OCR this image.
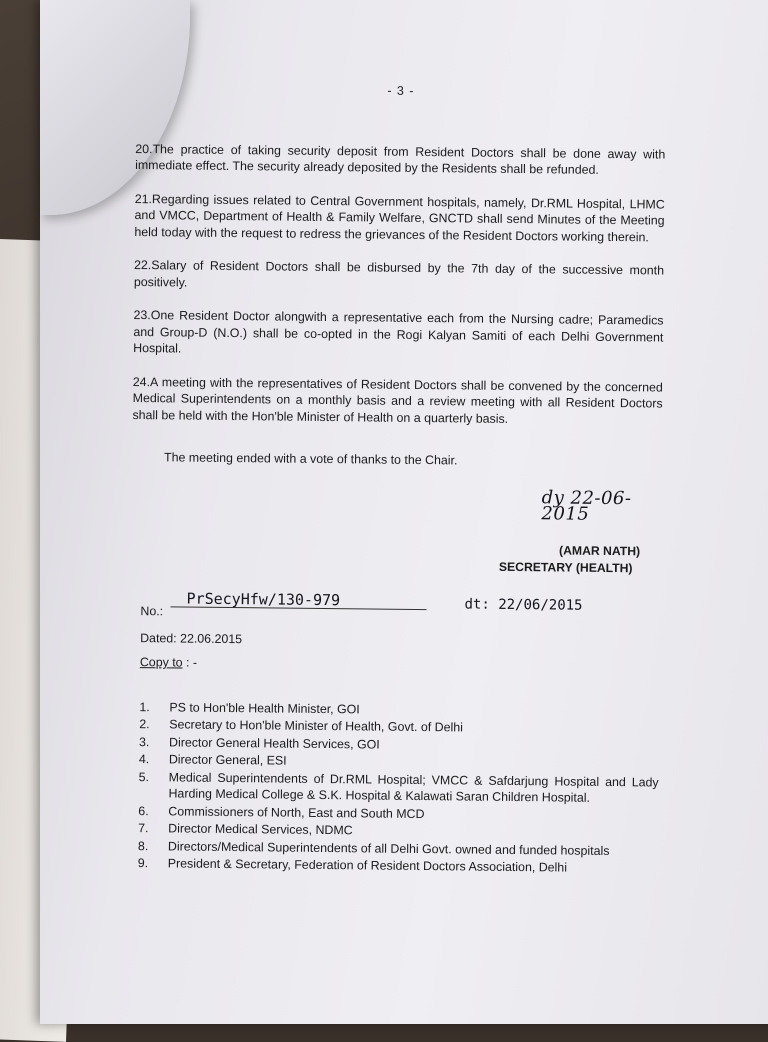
- 3 -

20.The practice of taking security deposit from Resident Doctors shall be done away with immediate effect. The security already deposited by the Residents shall be refunded.

21.Regarding issues related to Central Government hospitals, namely, Dr.RML Hospital, LHMC and VMCC, Department of Health & Family Welfare, GNCTD shall send Minutes of the Meeting held today with the request to redress the grievances of the Resident Doctors working therein.

22.Salary of Resident Doctors shall be disbursed by the 7th day of the successive month positively.

23.One Resident Doctor alongwith a representative each from the Nursing cadre; Paramedics and Group-D (N.O.) shall be co-opted in the Rogi Kalyan Samiti of each Delhi Government Hospital.

24.A meeting with the representatives of Resident Doctors shall be convened by the concerned Medical Superintendents on a monthly basis and a review meeting with all Resident Doctors shall be held with the Hon'ble Minister of Health on a quarterly basis.

The meeting ended with a vote of thanks to the Chair.
dy 22-06-2015
(AMAR NATH)
SECRETARY (HEALTH)
No.:
PrSecyHfw/130-979	dt: 22/06/2015
Dated: 22.06.2015
Copy to : -
1.	PS to Hon'ble Health Minister, GOI
2.	Secretary to Hon'ble Minister of Health, Govt. of Delhi
3.	Director General Health Services, GOI
4.	Director General, ESI
5.	Medical Superintendents of Dr.RML Hospital; VMCC & Safdarjung Hospital and Lady Harding Medical College & S.K. Hospital & Kalawati Saran Children Hospital.
6.	Commissioners of North, East and South MCD
7.	Director Medical Services, NDMC
8.	Directors/Medical Superintendents of all Delhi Govt. owned and funded hospitals
9.	President & Secretary, Federation of Resident Doctors Association, Delhi
